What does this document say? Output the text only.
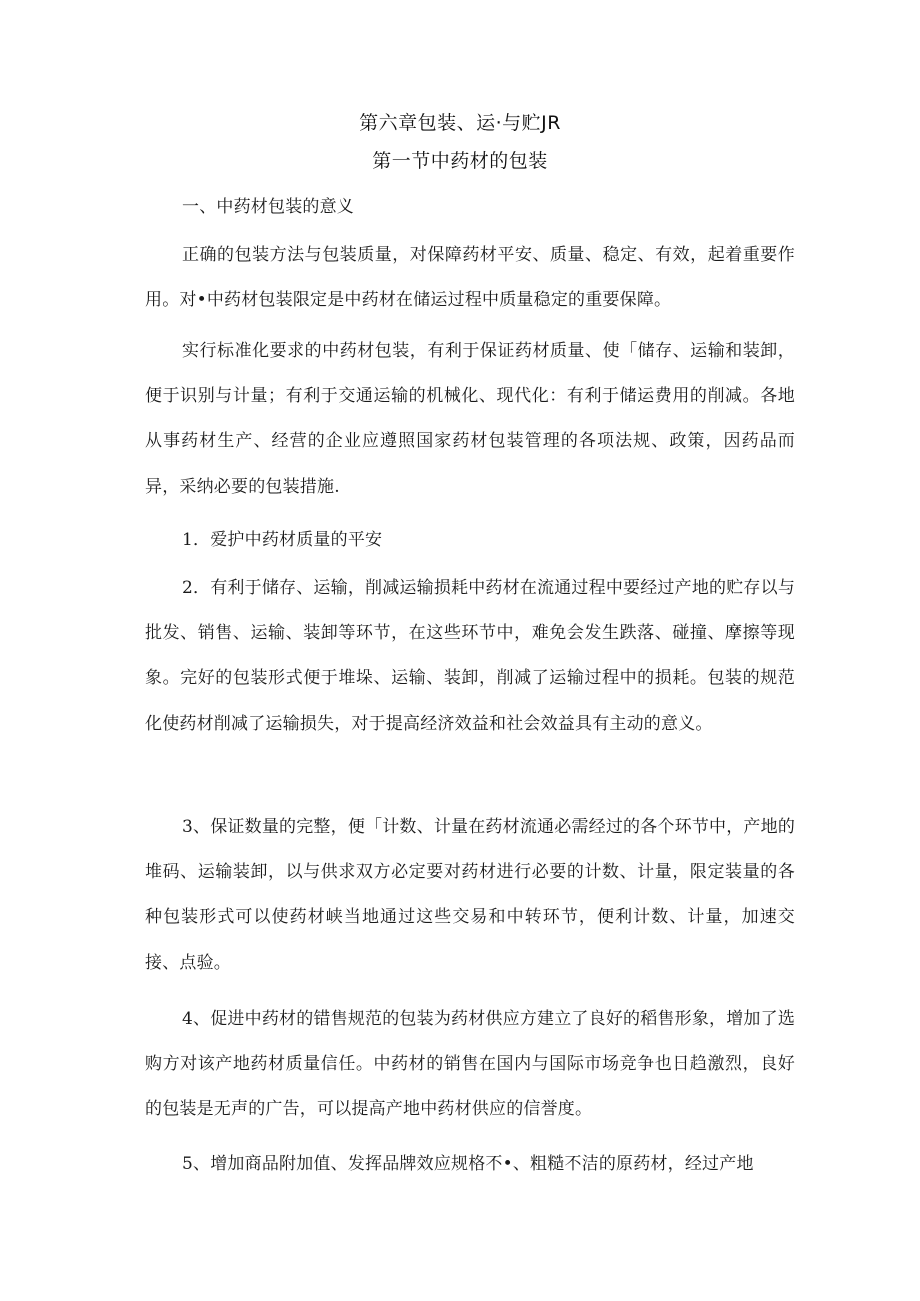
第六章包装、运·与贮JR
第一节中药材的包装

一、中药材包装的意义

正确的包装方法与包装质量，对保障药材平安、质量、稳定、有效，起着重要作用。对•中药材包装限定是中药材在储运过程中质量稳定的重要保障。

实行标准化要求的中药材包装，有利于保证药材质量、使「储存、运输和装卸，便于识别与计量；有利于交通运输的机械化、现代化：有利于储运费用的削减。各地从事药材生产、经营的企业应遵照国家药材包装管理的各项法规、政策，因药品而异，采纳必要的包装措施.

1．爱护中药材质量的平安

2．有利于储存、运输，削减运输损耗中药材在流通过程中要经过产地的贮存以与批发、销售、运输、装卸等环节，在这些环节中，难免会发生跌落、碰撞、摩擦等现象。完好的包装形式便于堆垛、运输、装卸，削减了运输过程中的损耗。包装的规范化使药材削减了运输损失，对于提高经济效益和社会效益具有主动的意义。

3、保证数量的完整，便「计数、计量在药材流通必需经过的各个环节中，产地的堆码、运输装卸，以与供求双方必定要对药材进行必要的计数、计量，限定装量的各种包装形式可以使药材峡当地通过这些交易和中转环节，便利计数、计量，加速交接、点验。

4、促进中药材的错售规范的包装为药材供应方建立了良好的稻售形象，增加了选购方对该产地药材质量信任。中药材的销售在国内与国际市场竞争也日趋激烈，良好的包装是无声的广告，可以提高产地中药材供应的信誉度。

5、增加商品附加值、发挥品牌效应规格不•、粗糙不洁的原药材，经过产地
